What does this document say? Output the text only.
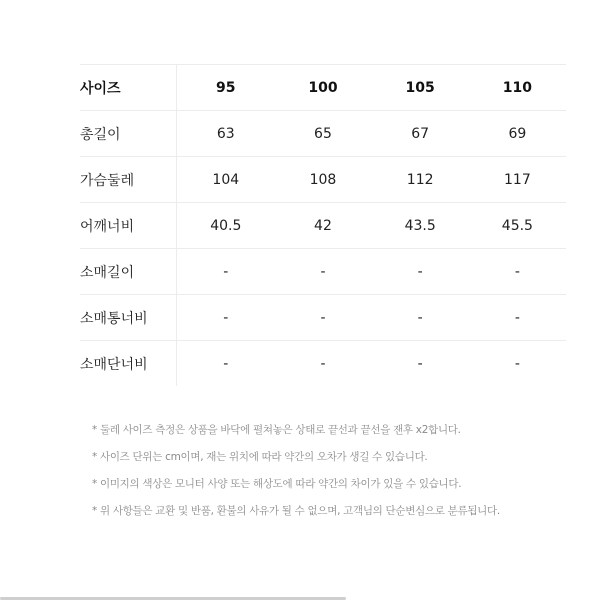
사이즈	95	100	105	110
총길이	63	65	67	69
가슴둘레	104	108	112	117
어깨너비	40.5	42	43.5	45.5
소매길이	-	-	-	-
소매통너비	-	-	-	-
소매단너비	-	-	-	-
* 둘레 사이즈 측정은 상품을 바닥에 펼쳐놓은 상태로 끝선과 끝선을 잰후 x2합니다.
* 사이즈 단위는 cm이며, 재는 위치에 따라 약간의 오차가 생길 수 있습니다.
* 이미지의 색상은 모니터 사양 또는 해상도에 따라 약간의 차이가 있을 수 있습니다.
* 위 사항들은 교환 및 반품, 환불의 사유가 될 수 없으며, 고객님의 단순변심으로 분류됩니다.
